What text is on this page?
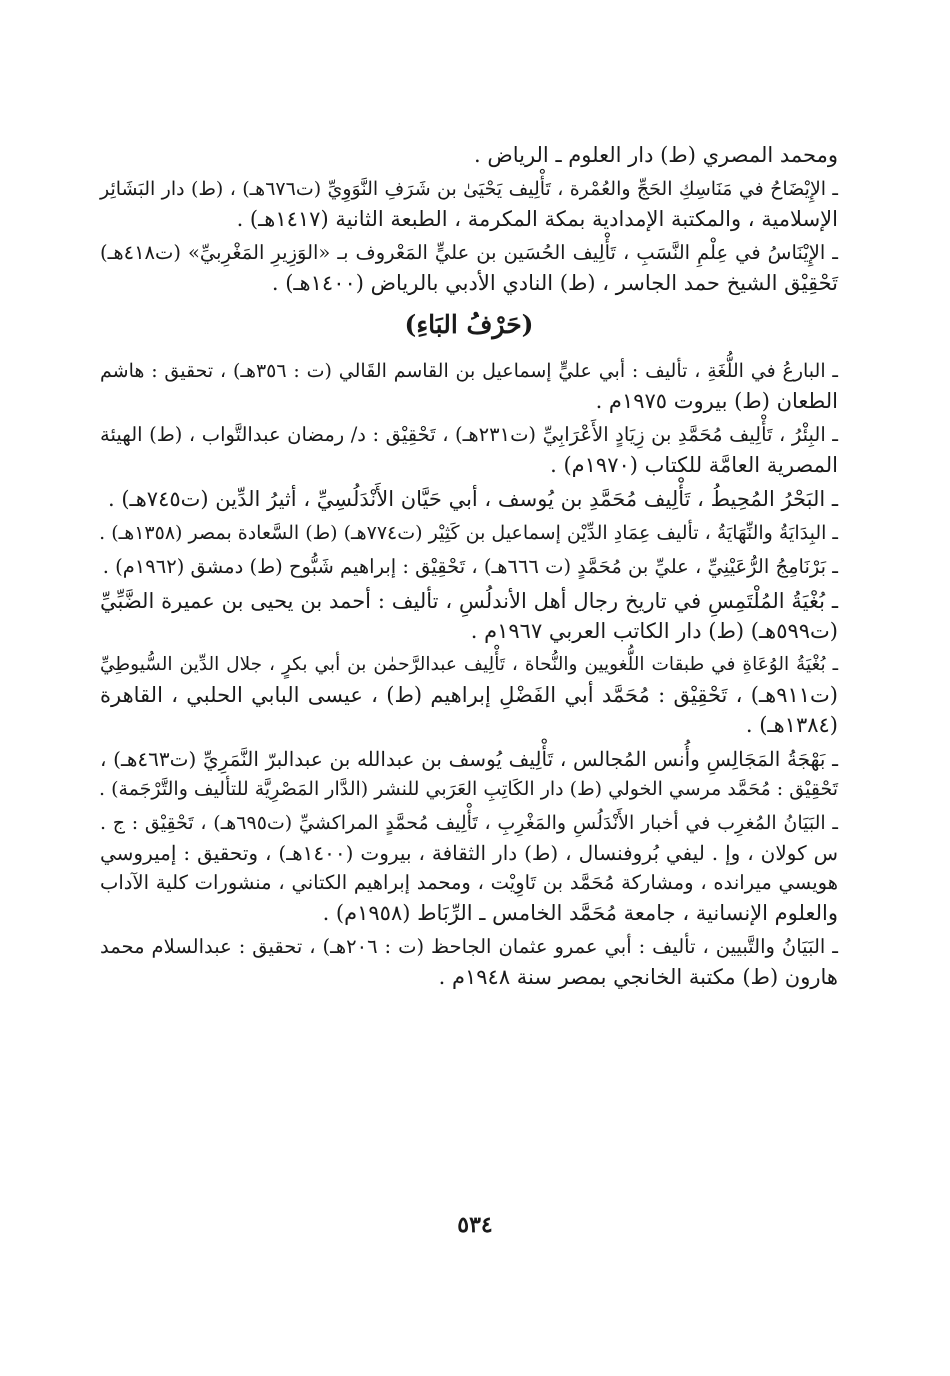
ومحمد المصري (ط) دار العلوم ـ الرياض .
ـ الإِيْضَاحُ في مَنَاسِكِ الحَجِّ والعُمْرة ، تَأْلِيف يَحْيَىٰ بن شَرَفِ النَّوَوِيِّ (ت٦٧٦هـ) ، (ط) دار البَشَائِر
الإسلامية ، والمكتبة الإمدادية بمكة المكرمة ، الطبعة الثانية (١٤١٧هـ) .
ـ الإِيْنَاسُ في عِلْمِ النَّسَبِ ، تَأْلِيف الحُسَين بن عليٍّ المَعْروف بـ «الوَزِيرِ المَغْرِبيِّ» (ت٤١٨هـ)
تَحْقِيْق الشيخ حمد الجاسر ، (ط) النادي الأدبي بالرياض (١٤٠٠هـ) .
(حَرْفُ البَاءِ)
ـ البارعُ في اللُّغَةِ ، تأليف : أبي عليٍّ إسماعيل بن القاسم القَالي (ت : ٣٥٦هـ) ، تحقيق : هاشم
الطعان (ط) بيروت ١٩٧٥م .
ـ البِئْرُ ، تَأْلِيف مُحَمَّدِ بن زِيَادٍ الأَعْرَابِيِّ (ت٢٣١هـ) ، تَحْقِيْق : د/ رمضان عبدالتَّواب ، (ط) الهيئة
المصرية العامَّة للكتاب (١٩٧٠م) .
ـ البَحْرُ المُحِيطُ ، تَأْلِيف مُحَمَّدِ بن يُوسف ، أبي حَيَّان الأَنْدَلُسِيِّ ، أثيرُ الدِّين (ت٧٤٥هـ) .
ـ البِدَايَةُ والنِّهَايَةُ ، تأليف عِمَادِ الدِّيْن إسماعيل بن كَثِيْر (ت٧٧٤هـ) (ط) السَّعادة بمصر (١٣٥٨هـ) .
ـ بَرْنَامِجُ الرُّعَيْنِيِّ ، عليِّ بن مُحَمَّدٍ (ت ٦٦٦هـ) ، تَحْقِيْق : إبراهيم شَبُّوح (ط) دمشق (١٩٦٢م) .
ـ بُغْيَةُ المُلْتَمِسِ في تاريخ رجال أهل الأندلُسِ ، تأليف : أحمد بن يحيى بن عميرة الضَّبِّيِّ
(ت٥٩٩هـ) (ط) دار الكاتب العربي ١٩٦٧م .
ـ بُغْيَةُ الوُعَاةِ في طبقات اللُّغويين والنُّحاة ، تَأْلِيف عبدالرَّحمٰن بن أبي بكرٍ ، جلال الدِّين السُّيوطِيِّ
(ت٩١١هـ) ، تَحْقِيْق : مُحَمَّد أبي الفَضْلِ إبراهيم (ط) ، عيسى البابي الحلبي ، القاهرة
(١٣٨٤هـ) .
ـ بَهْجَةُ المَجَالِسِ وأُنس المُجالس ، تَأْلِيف يُوسف بن عبدالله بن عبدالبرّ النَّمَرِيِّ (ت٤٦٣هـ) ،
تَحْقِيْق : مُحَمَّد مرسي الخولي (ط) دار الكَاتِبِ العَرَبي للنشر (الدَّار المَصْرِيَّة للتأليف والتَّرْجَمة) .
ـ البَيَانُ المُغرِب في أخبار الأَنْدَلُسِ والمَغْرِبِ ، تَأْلِيف مُحمَّدٍ المراكشيِّ (ت٦٩٥هـ) ، تَحْقِيْق : ج .
س كولان ، وإ . ليفي بُروفنسال ، (ط) دار الثقافة ، بيروت (١٤٠٠هـ) ، وتحقيق : إميروسي
هويسي ميرانده ، ومشاركة مُحَمَّد بن تَاوِيْت ، ومحمد إبراهيم الكتاني ، منشورات كلية الآداب
والعلوم الإنسانية ، جامعة مُحَمَّد الخامس ـ الرِّبَاط (١٩٥٨م) .
ـ البَيَانُ والتَّبيين ، تأليف : أبي عمرو عثمان الجاحظ (ت : ٢٠٦هـ) ، تحقيق : عبدالسلام محمد
هارون (ط) مكتبة الخانجي بمصر سنة ١٩٤٨م .
٥٣٤
